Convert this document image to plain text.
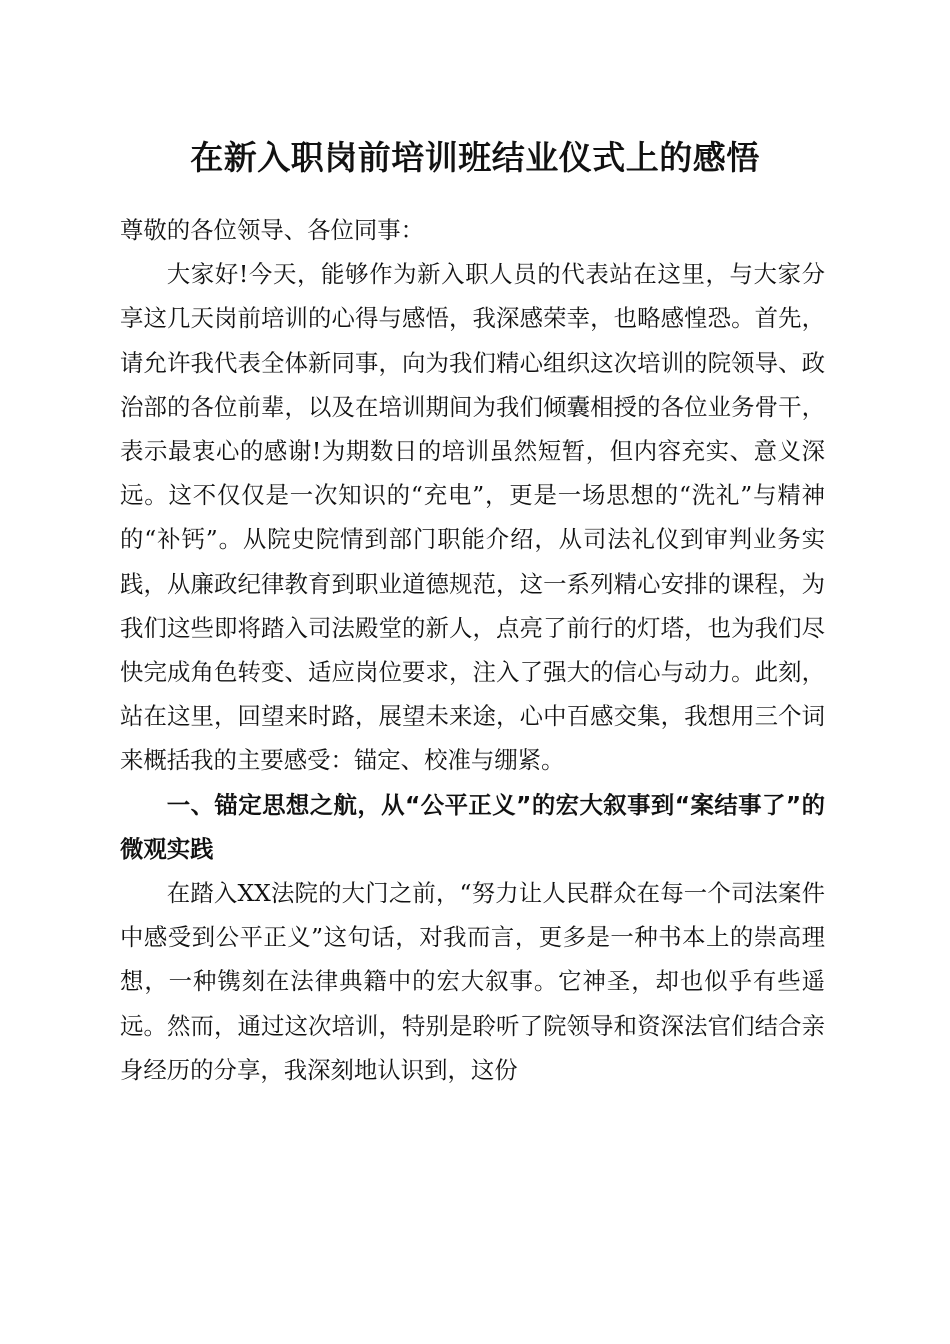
在新入职岗前培训班结业仪式上的感悟

尊敬的各位领导、各位同事：

大家好!今天，能够作为新入职人员的代表站在这里，与大家分享这几天岗前培训的心得与感悟，我深感荣幸，也略感惶恐。首先，请允许我代表全体新同事，向为我们精心组织这次培训的院领导、政治部的各位前辈，以及在培训期间为我们倾囊相授的各位业务骨干，表示最衷心的感谢!为期数日的培训虽然短暂，但内容充实、意义深远。这不仅仅是一次知识的“充电”，更是一场思想的“洗礼”与精神的“补钙”。从院史院情到部门职能介绍，从司法礼仪到审判业务实践，从廉政纪律教育到职业道德规范，这一系列精心安排的课程，为我们这些即将踏入司法殿堂的新人，点亮了前行的灯塔，也为我们尽快完成角色转变、适应岗位要求，注入了强大的信心与动力。此刻，站在这里，回望来时路，展望未来途，心中百感交集，我想用三个词来概括我的主要感受：锚定、校准与绷紧。

一、锚定思想之航，从“公平正义”的宏大叙事到“案结事了”的微观实践

在踏入XX法院的大门之前，“努力让人民群众在每一个司法案件中感受到公平正义”这句话，对我而言，更多是一种书本上的崇高理想，一种镌刻在法律典籍中的宏大叙事。它神圣，却也似乎有些遥远。然而，通过这次培训，特别是聆听了院领导和资深法官们结合亲身经历的分享，我深刻地认识到，这份
